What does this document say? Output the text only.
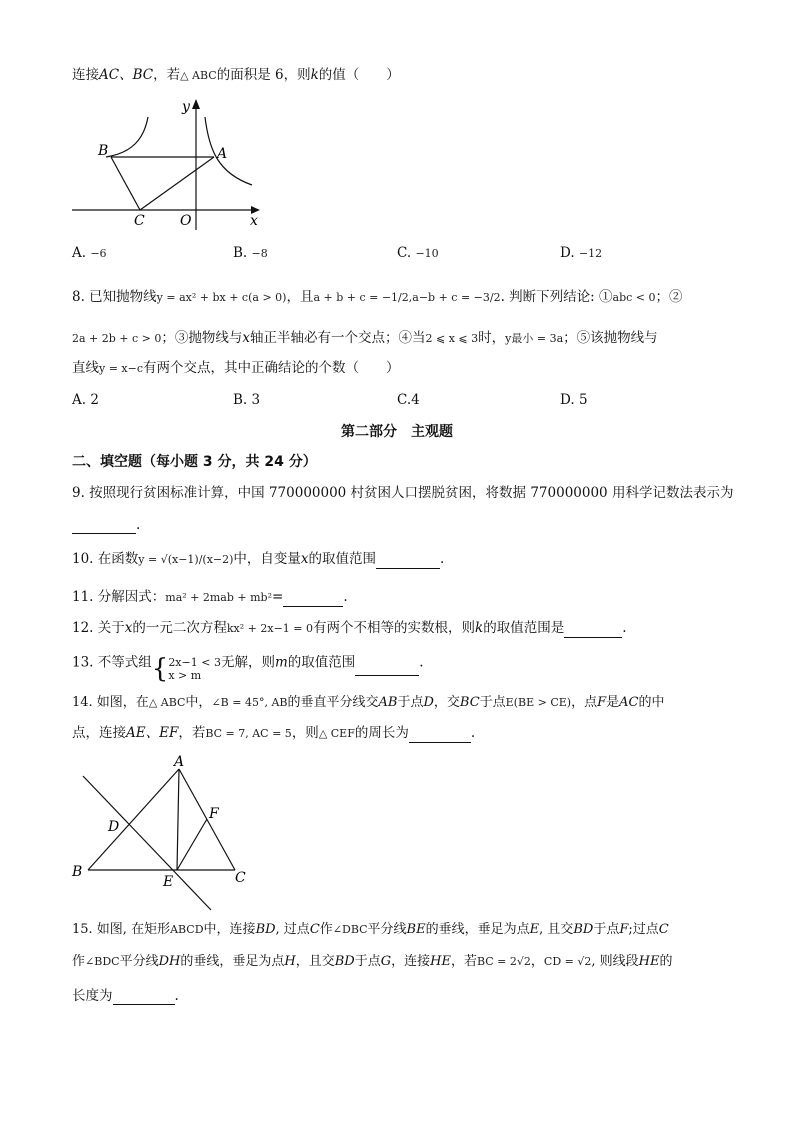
连接AC、BC，若△ ABC的面积是 6，则k的值（　　）
B	A
C	O	x
y
A. −6	B. −8	C. −10	D. −12
8. 已知抛物线y = ax² + bx + c(a > 0)，且a + b + c = −1/2,a−b + c = −3/2. 判断下列结论: ①abc < 0；②
2a + 2b + c > 0；③抛物线与x轴正半轴必有一个交点；④当2 ⩽ x ⩽ 3时，y最小 = 3a；⑤该抛物线与
直线y = x−c有两个交点，其中正确结论的个数（　　）
A. 2	B. 3	C.4	D. 5
第二部分　主观题
二、填空题（每小题 3 分，共 24 分）
9. 按照现行贫困标准计算，中国 770000000 村贫困人口摆脱贫困，将数据 770000000 用科学记数法表示为
.
10. 在函数y = √(x−1)/(x−2)中，自变量x的取值范围	.
11. 分解因式：ma² + 2mab + mb²=	.
12. 关于x的一元二次方程kx² + 2x−1 = 0有两个不相等的实数根，则k的取值范围是	.
13. 不等式组{ 2x−1 < 3
x > m
无解，则m的取值范围	.
14. 如图，在△ ABC中，∠B = 45°, AB的垂直平分线交AB于点D，交BC于点E(BE > CE)，点F是AC的中
点，连接AE、EF，若BC = 7, AC = 5，则△ CEF的周长为	.
A
B	C
D
E
F
15. 如图, 在矩形ABCD中，连接BD, 过点C作∠DBC平分线BE的垂线，垂足为点E, 且交BD于点F;过点C
作∠BDC平分线DH的垂线，垂足为点H，且交BD于点G，连接HE，若BC = 2√2，CD = √2, 则线段HE的
长度为	.
